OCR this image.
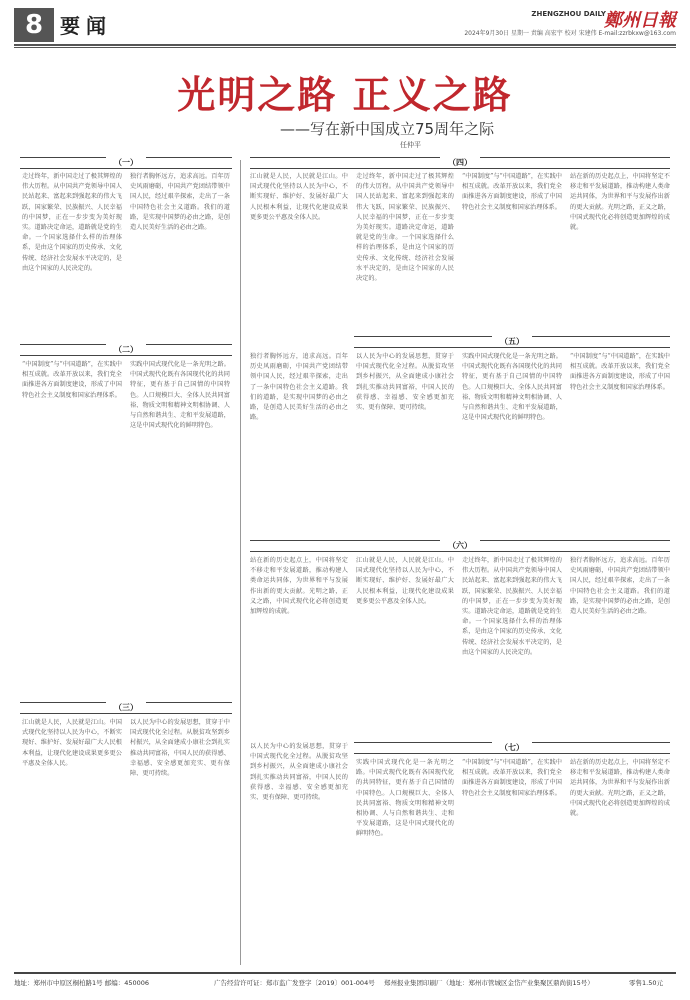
8 要闻	ZHENGZHOU DAILY
鄭州日報
2024年9月30日 星期一 责编 高宏宇 校对 宋建伟 E-mail:zzrbkxw@163.com
光明之路 正义之路
——写在新中国成立75周年之际
任仲平
（一）
走过终年，新中国走过了极其辉煌的伟大历程。从中国共产党领导中国人民站起来、富起来到强起来的伟大飞跃，国家繁荣、民族振兴、人民幸福的中国梦，正在一步步变为美好现实。道路决定命运，道路就是党的生命。一个国家选择什么样的治理体系，是由这个国家的历史传承、文化传统、经济社会发展水平决定的，是由这个国家的人民决定的。
独行者胸怀远方，追求高远。百年历史风雨磨砺，中国共产党团结带领中国人民，经过艰辛探索，走出了一条中国特色社会主义道路。我们的道路，是实现中国梦的必由之路，是创造人民美好生活的必由之路。
（二）
“中国制度”与“中国道路”，在实践中相互成就。改革开放以来，我们党全面推进各方面制度建设，形成了中国特色社会主义制度和国家治理体系。
实践中国式现代化是一条光明之路。中国式现代化既有各国现代化的共同特征，更有基于自己国情的中国特色。人口规模巨大、全体人民共同富裕、物质文明和精神文明相协调、人与自然和谐共生、走和平发展道路，这是中国式现代化的鲜明特色。
（三）
江山就是人民，人民就是江山。中国式现代化坚持以人民为中心，不断实现好、维护好、发展好最广大人民根本利益，让现代化建设成果更多更公平惠及全体人民。
以人民为中心的发展思想，贯穿于中国式现代化全过程。从脱贫攻坚到乡村振兴，从全面建成小康社会到扎实推动共同富裕，中国人民的获得感、幸福感、安全感更加充实、更有保障、更可持续。
（四）
江山就是人民，人民就是江山。中国式现代化坚持以人民为中心，不断实现好、维护好、发展好最广大人民根本利益，让现代化建设成果更多更公平惠及全体人民。
走过终年，新中国走过了极其辉煌的伟大历程。从中国共产党领导中国人民站起来、富起来到强起来的伟大飞跃，国家繁荣、民族振兴、人民幸福的中国梦，正在一步步变为美好现实。道路决定命运，道路就是党的生命。一个国家选择什么样的治理体系，是由这个国家的历史传承、文化传统、经济社会发展水平决定的，是由这个国家的人民决定的。
“中国制度”与“中国道路”，在实践中相互成就。改革开放以来，我们党全面推进各方面制度建设，形成了中国特色社会主义制度和国家治理体系。
站在新的历史起点上，中国将坚定不移走和平发展道路，推动构建人类命运共同体，为世界和平与发展作出新的更大贡献。光明之路，正义之路，中国式现代化必将创造更加辉煌的成就。
（五）
独行者胸怀远方，追求高远。百年历史风雨磨砺，中国共产党团结带领中国人民，经过艰辛探索，走出了一条中国特色社会主义道路。我们的道路，是实现中国梦的必由之路，是创造人民美好生活的必由之路。
以人民为中心的发展思想，贯穿于中国式现代化全过程。从脱贫攻坚到乡村振兴，从全面建成小康社会到扎实推动共同富裕，中国人民的获得感、幸福感、安全感更加充实、更有保障、更可持续。
实践中国式现代化是一条光明之路。中国式现代化既有各国现代化的共同特征，更有基于自己国情的中国特色。人口规模巨大、全体人民共同富裕、物质文明和精神文明相协调、人与自然和谐共生、走和平发展道路，这是中国式现代化的鲜明特色。
“中国制度”与“中国道路”，在实践中相互成就。改革开放以来，我们党全面推进各方面制度建设，形成了中国特色社会主义制度和国家治理体系。
（六）
站在新的历史起点上，中国将坚定不移走和平发展道路，推动构建人类命运共同体，为世界和平与发展作出新的更大贡献。光明之路，正义之路，中国式现代化必将创造更加辉煌的成就。
江山就是人民，人民就是江山。中国式现代化坚持以人民为中心，不断实现好、维护好、发展好最广大人民根本利益，让现代化建设成果更多更公平惠及全体人民。
走过终年，新中国走过了极其辉煌的伟大历程。从中国共产党领导中国人民站起来、富起来到强起来的伟大飞跃，国家繁荣、民族振兴、人民幸福的中国梦，正在一步步变为美好现实。道路决定命运，道路就是党的生命。一个国家选择什么样的治理体系，是由这个国家的历史传承、文化传统、经济社会发展水平决定的，是由这个国家的人民决定的。
独行者胸怀远方，追求高远。百年历史风雨磨砺，中国共产党团结带领中国人民，经过艰辛探索，走出了一条中国特色社会主义道路。我们的道路，是实现中国梦的必由之路，是创造人民美好生活的必由之路。
（七）
以人民为中心的发展思想，贯穿于中国式现代化全过程。从脱贫攻坚到乡村振兴，从全面建成小康社会到扎实推动共同富裕，中国人民的获得感、幸福感、安全感更加充实、更有保障、更可持续。
实践中国式现代化是一条光明之路。中国式现代化既有各国现代化的共同特征，更有基于自己国情的中国特色。人口规模巨大、全体人民共同富裕、物质文明和精神文明相协调、人与自然和谐共生、走和平发展道路，这是中国式现代化的鲜明特色。
“中国制度”与“中国道路”，在实践中相互成就。改革开放以来，我们党全面推进各方面制度建设，形成了中国特色社会主义制度和国家治理体系。
站在新的历史起点上，中国将坚定不移走和平发展道路，推动构建人类命运共同体，为世界和平与发展作出新的更大贡献。光明之路，正义之路，中国式现代化必将创造更加辉煌的成就。
地址：郑州市中原区桐柏路1号 邮编：450006	广告经营许可证：郑市监广发登字〔2019〕001-004号 郑州报业集团印刷厂（地址：郑州市管城区金岱产业集聚区鼎尚街15号）	零售1.50元
